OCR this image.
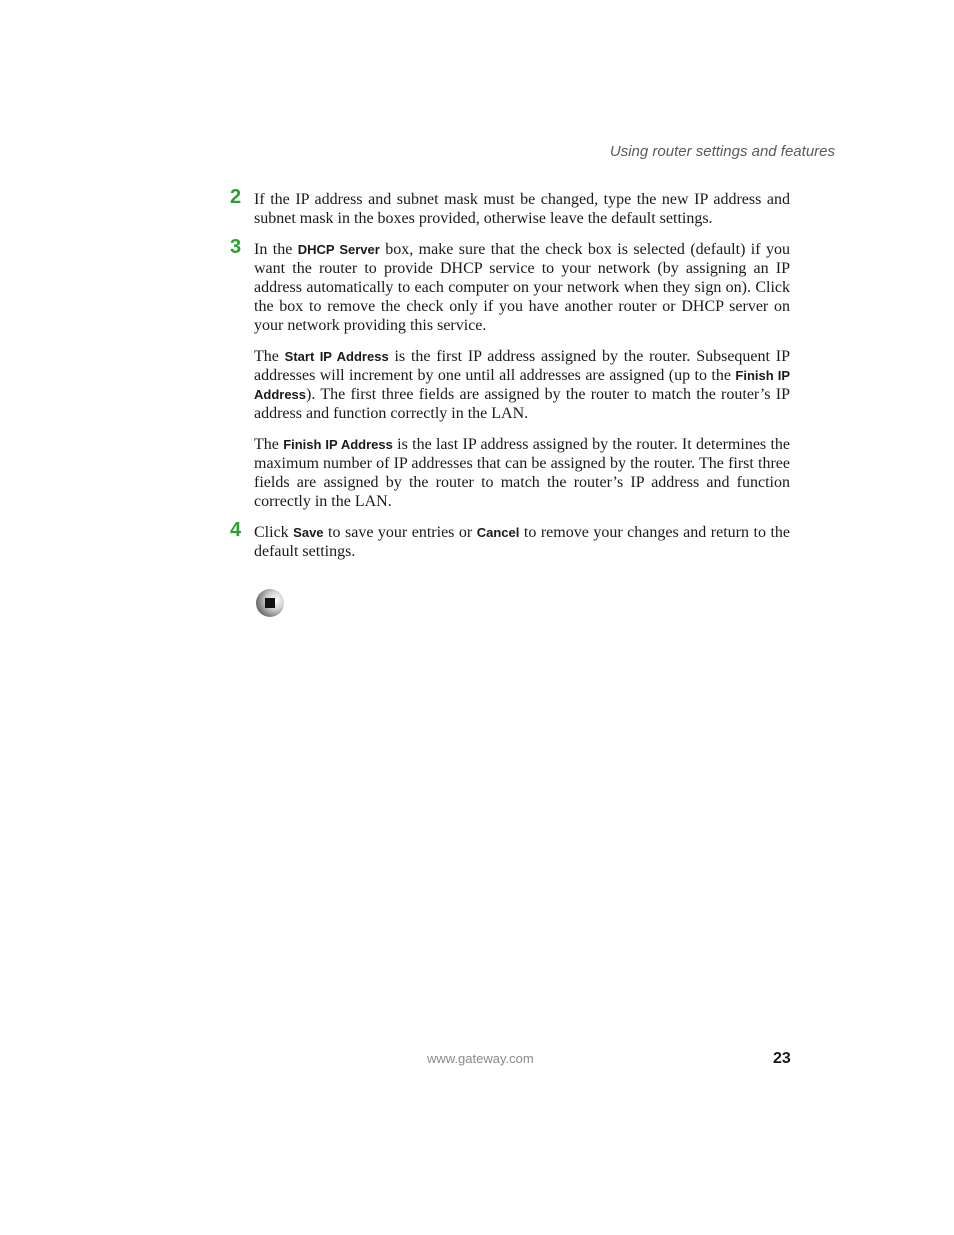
Using router settings and features
2 If the IP address and subnet mask must be changed, type the new IP address and subnet mask in the boxes provided, otherwise leave the default settings.

3 In the DHCP Server box, make sure that the check box is selected (default) if you want the router to provide DHCP service to your network (by assigning an IP address automatically to each computer on your network when they sign on). Click the box to remove the check only if you have another router or DHCP server on your network providing this service.

The Start IP Address is the first IP address assigned by the router. Subsequent IP addresses will increment by one until all addresses are assigned (up to the Finish IP Address). The first three fields are assigned by the router to match the router’s IP address and function correctly in the LAN.

The Finish IP Address is the last IP address assigned by the router. It determines the maximum number of IP addresses that can be assigned by the router. The first three fields are assigned by the router to match the router’s IP address and function correctly in the LAN.

4 Click Save to save your entries or Cancel to remove your changes and return to the default settings.

www.gateway.com	23
